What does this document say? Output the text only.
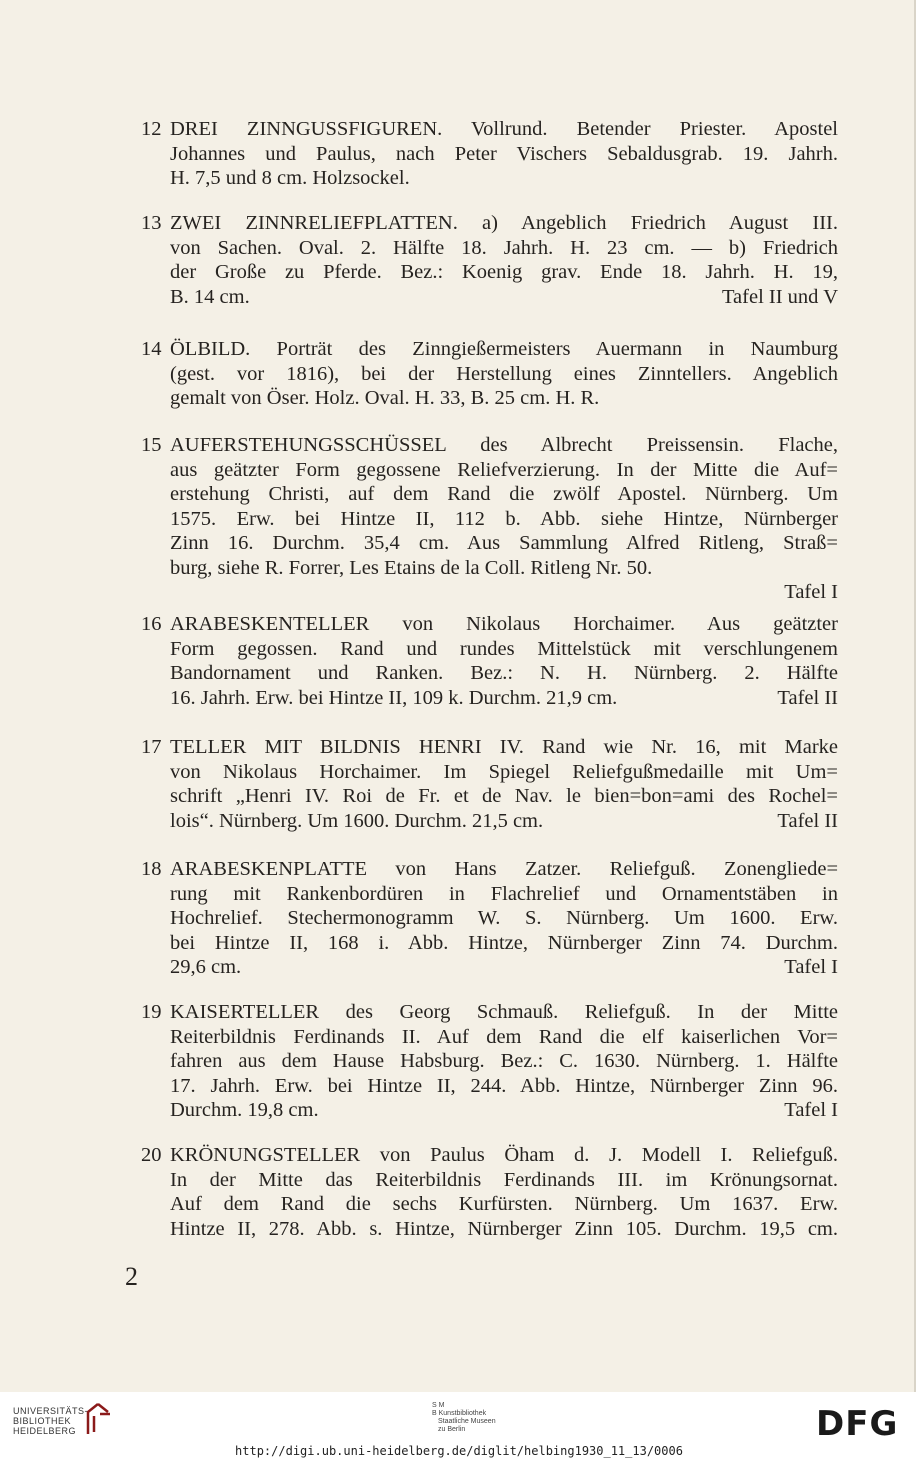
12 DREI ZINNGUSSFIGUREN. Vollrund. Betender Priester. Apostel
Johannes und Paulus, nach Peter Vischers Sebaldusgrab. 19. Jahrh.
H. 7,5 und 8 cm. Holzsockel.
13 ZWEI ZINNRELIEFPLATTEN. a) Angeblich Friedrich August III.
von Sachen. Oval. 2. Hälfte 18. Jahrh. H. 23 cm. — b) Friedrich
der Große zu Pferde. Bez.: Koenig grav. Ende 18. Jahrh. H. 19,
B. 14 cm.	Tafel II und V
14 ÖLBILD. Porträt des Zinngießermeisters Auermann in Naumburg
(gest. vor 1816), bei der Herstellung eines Zinntellers. Angeblich
gemalt von Öser. Holz. Oval. H. 33, B. 25 cm. H. R.
15 AUFERSTEHUNGSSCHÜSSEL des Albrecht Preissensin. Flache,
aus geätzter Form gegossene Reliefverzierung. In der Mitte die Auf=
erstehung Christi, auf dem Rand die zwölf Apostel. Nürnberg. Um
1575. Erw. bei Hintze II, 112 b. Abb. siehe Hintze, Nürnberger
Zinn 16. Durchm. 35,4 cm. Aus Sammlung Alfred Ritleng, Straß=
burg, siehe R. Forrer, Les Etains de la Coll. Ritleng Nr. 50.
Tafel I
16 ARABESKENTELLER von Nikolaus Horchaimer. Aus geätzter
Form gegossen. Rand und rundes Mittelstück mit verschlungenem
Bandornament und Ranken. Bez.: N. H. Nürnberg. 2. Hälfte
16. Jahrh. Erw. bei Hintze II, 109 k. Durchm. 21,9 cm.	Tafel II
17 TELLER MIT BILDNIS HENRI IV. Rand wie Nr. 16, mit Marke
von Nikolaus Horchaimer. Im Spiegel Reliefgußmedaille mit Um=
schrift „Henri IV. Roi de Fr. et de Nav. le bien=bon=ami des Rochel=
lois“. Nürnberg. Um 1600. Durchm. 21,5 cm.	Tafel II
18 ARABESKENPLATTE von Hans Zatzer. Reliefguß. Zonengliede=
rung mit Rankenbordüren in Flachrelief und Ornamentstäben in
Hochrelief. Stechermonogramm W. S. Nürnberg. Um 1600. Erw.
bei Hintze II, 168 i. Abb. Hintze, Nürnberger Zinn 74. Durchm.
29,6 cm.	Tafel I
19 KAISERTELLER des Georg Schmauß. Reliefguß. In der Mitte
Reiterbildnis Ferdinands II. Auf dem Rand die elf kaiserlichen Vor=
fahren aus dem Hause Habsburg. Bez.: C. 1630. Nürnberg. 1. Hälfte
17. Jahrh. Erw. bei Hintze II, 244. Abb. Hintze, Nürnberger Zinn 96.
Durchm. 19,8 cm.	Tafel I
20 KRÖNUNGSTELLER von Paulus Öham d. J. Modell I. Reliefguß.
In der Mitte das Reiterbildnis Ferdinands III. im Krönungsornat.
Auf dem Rand die sechs Kurfürsten. Nürnberg. Um 1637. Erw.
Hintze II, 278. Abb. s. Hintze, Nürnberger Zinn 105. Durchm. 19,5 cm.
2
UNIVERSITÄTS-
BIBLIOTHEK
HEIDELBERG
S M
B Kunstbibliothek
Staatliche Museen
zu Berlin	DFG
http://digi.ub.uni-heidelberg.de/diglit/helbing1930_11_13/0006
